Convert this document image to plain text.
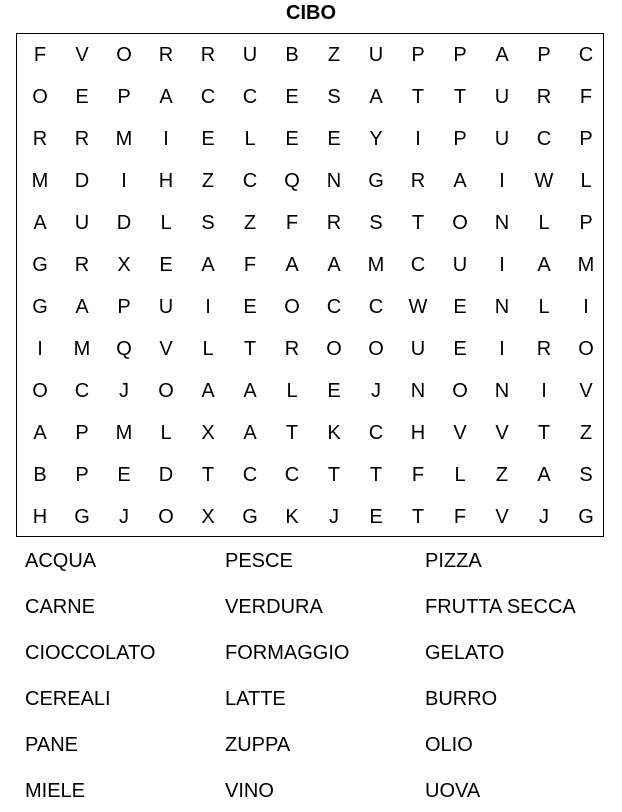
CIBO
F	V	O	R	R	U	B	Z	U	P	P	A	P	C
O	E	P	A	C	C	E	S	A	T	T	U	R	F
R	R	M	I	E	L	E	E	Y	I	P	U	C	P
M	D	I	H	Z	C	Q	N	G	R	A	I	W	L
A	U	D	L	S	Z	F	R	S	T	O	N	L	P
G	R	X	E	A	F	A	A	M	C	U	I	A	M
G	A	P	U	I	E	O	C	C	W	E	N	L	I
I	M	Q	V	L	T	R	O	O	U	E	I	R	O
O	C	J	O	A	A	L	E	J	N	O	N	I	V
A	P	M	L	X	A	T	K	C	H	V	V	T	Z
B	P	E	D	T	C	C	T	T	F	L	Z	A	S
H	G	J	O	X	G	K	J	E	T	F	V	J	G
ACQUA	PESCE	PIZZA
CARNE	VERDURA	FRUTTA SECCA
CIOCCOLATO	FORMAGGIO	GELATO
CEREALI	LATTE	BURRO
PANE	ZUPPA	OLIO
MIELE	VINO	UOVA
